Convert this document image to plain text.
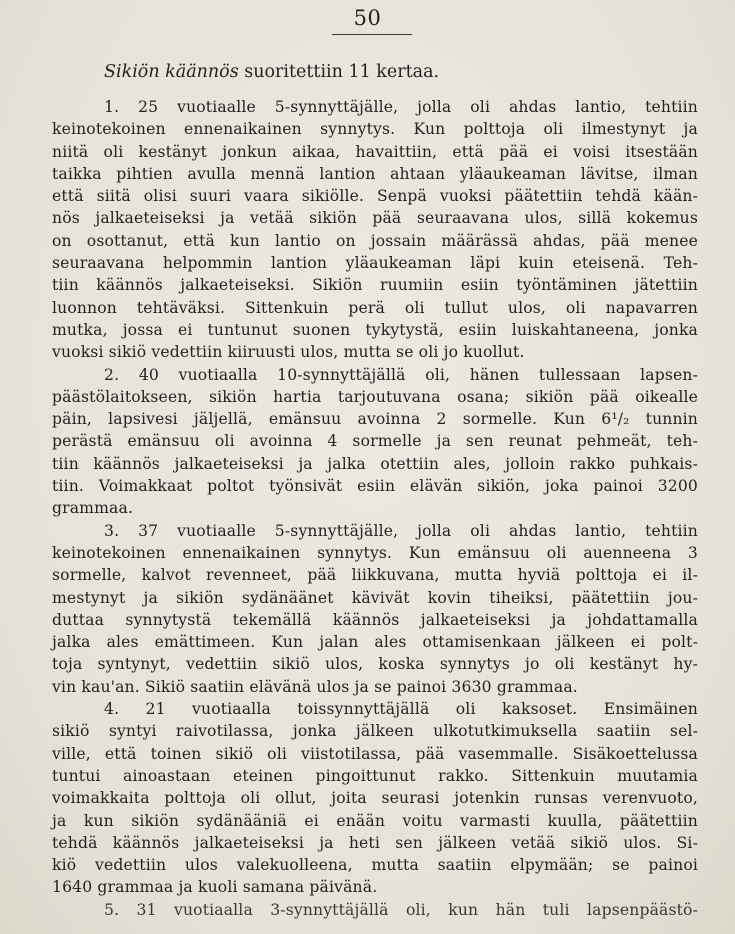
50
Sikiön käännös suoritettiin 11 kertaa.
1. 25 vuotiaalle 5-synnyttäjälle, jolla oli ahdas lantio, tehtiin
keinotekoinen ennenaikainen synnytys. Kun polttoja oli ilmestynyt ja
niitä oli kestänyt jonkun aikaa, havaittiin, että pää ei voisi itsestään
taikka pihtien avulla mennä lantion ahtaan yläaukeaman lävitse, ilman
että siitä olisi suuri vaara sikiölle. Senpä vuoksi päätettiin tehdä kään-
nös jalkaeteiseksi ja vetää sikiön pää seuraavana ulos, sillä kokemus
on osottanut, että kun lantio on jossain määrässä ahdas, pää menee
seuraavana helpommin lantion yläaukeaman läpi kuin eteisenä. Teh-
tiin käännös jalkaeteiseksi. Sikiön ruumiin esiin työntäminen jätettiin
luonnon tehtäväksi. Sittenkuin perä oli tullut ulos, oli napavarren
mutka, jossa ei tuntunut suonen tykytystä, esiin luiskahtaneena, jonka
vuoksi sikiö vedettiin kiiruusti ulos, mutta se oli jo kuollut.
2. 40 vuotiaalla 10-synnyttäjällä oli, hänen tullessaan lapsen-
päästölaitokseen, sikiön hartia tarjoutuvana osana; sikiön pää oikealle
päin, lapsivesi jäljellä, emänsuu avoinna 2 sormelle. Kun 6¹/₂ tunnin
perästä emänsuu oli avoinna 4 sormelle ja sen reunat pehmeät, teh-
tiin käännös jalkaeteiseksi ja jalka otettiin ales, jolloin rakko puhkais-
tiin. Voimakkaat poltot työnsivät esiin elävän sikiön, joka painoi 3200
grammaa.
3. 37 vuotiaalle 5-synnyttäjälle, jolla oli ahdas lantio, tehtiin
keinotekoinen ennenaikainen synnytys. Kun emänsuu oli auenneena 3
sormelle, kalvot revenneet, pää liikkuvana, mutta hyviä polttoja ei il-
mestynyt ja sikiön sydänäänet kävivät kovin tiheiksi, päätettiin jou-
duttaa synnytystä tekemällä käännös jalkaeteiseksi ja johdattamalla
jalka ales emättimeen. Kun jalan ales ottamisenkaan jälkeen ei polt-
toja syntynyt, vedettiin sikiö ulos, koska synnytys jo oli kestänyt hy-
vin kau'an. Sikiö saatiin elävänä ulos ja se painoi 3630 grammaa.
4. 21 vuotiaalla toissynnyttäjällä oli kaksoset. Ensimäinen
sikiö syntyi raivotilassa, jonka jälkeen ulkotutkimuksella saatiin sel-
ville, että toinen sikiö oli viistotilassa, pää vasemmalle. Sisäkoettelussa
tuntui ainoastaan eteinen pingoittunut rakko. Sittenkuin muutamia
voimakkaita polttoja oli ollut, joita seurasi jotenkin runsas verenvuoto,
ja kun sikiön sydänääniä ei enään voitu varmasti kuulla, päätettiin
tehdä käännös jalkaeteiseksi ja heti sen jälkeen vetää sikiö ulos. Si-
kiö vedettiin ulos valekuolleena, mutta saatiin elpymään; se painoi
1640 grammaa ja kuoli samana päivänä.
5. 31 vuotiaalla 3-synnyttäjällä oli, kun hän tuli lapsenpäästö-
